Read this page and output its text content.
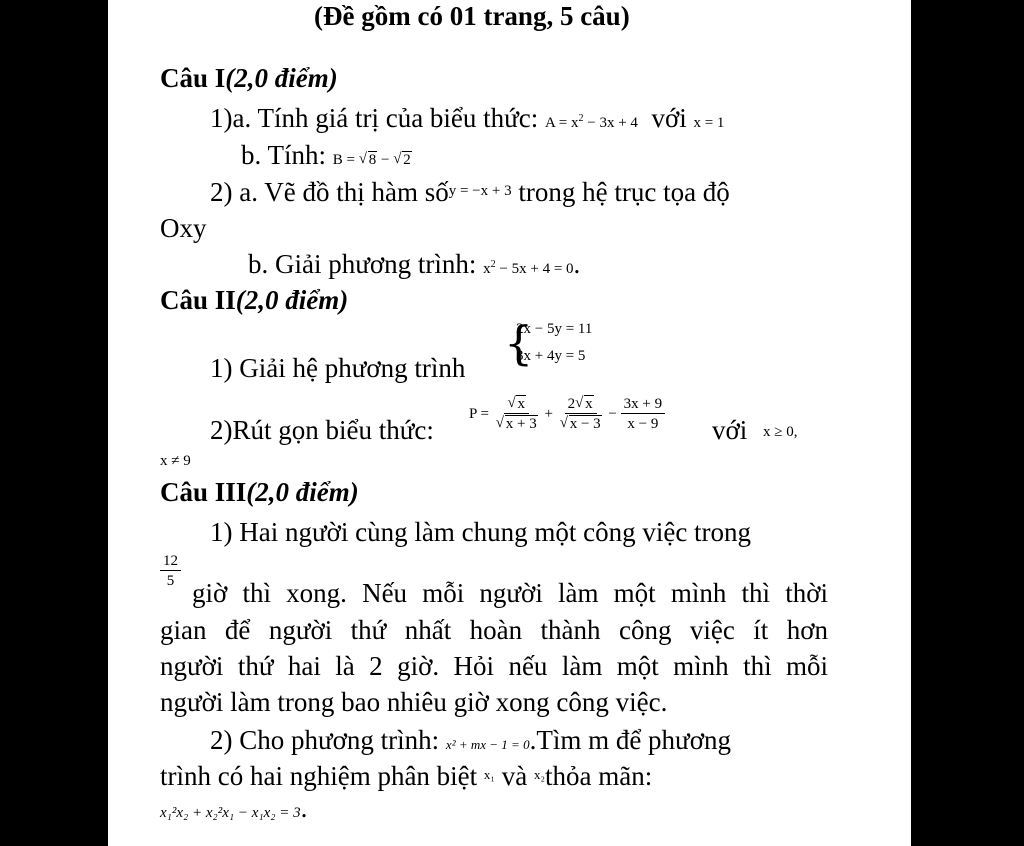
(Đề gồm có 01 trang, 5 câu)
Câu I(2,0 điểm)
1)a. Tính giá trị của biểu thức: $A = x^2 - 3x + 4$ với x = 1
b. Tính: B = √ 8 − √ 2
2) a. Vẽ đồ thị hàm số$^{y = -x + 3}$ trong hệ trục tọa độ
Oxy
b. Giải phương trình: $x^2 - 5x + 4 = 0$.
Câu II(2,0 điểm)
1) Giải hệ phương trình {
2x − 5y = 11
3x + 4y = 5
2)Rút gọn biểu thức:
P = √ x
√ x + 3 + 2 √ x
√ $x - 3 - \frac{3x + 9}{x - 9}$ với x ≥ 0,
x ≠ 9
Câu III(2,0 điểm)
1) Hai người cùng làm chung một công việc trong
$\frac{12}{5}$
giờ thì xong. Nếu mỗi người làm một mình thì thời
gian để người thứ nhất hoàn thành công việc ít hơn
người thứ hai là 2 giờ. Hỏi nếu làm một mình thì mỗi
người làm trong bao nhiêu giờ xong công việc.
2) Cho phương trình: x² + mx − 1 = 0.Tìm m để phương
trình có hai nghiệm phân biệt $^{x_1}$ và $^{x_2}$thỏa mãn:
x₁²x₂ + x₂²x₁ − x₁x₂ = 3.
